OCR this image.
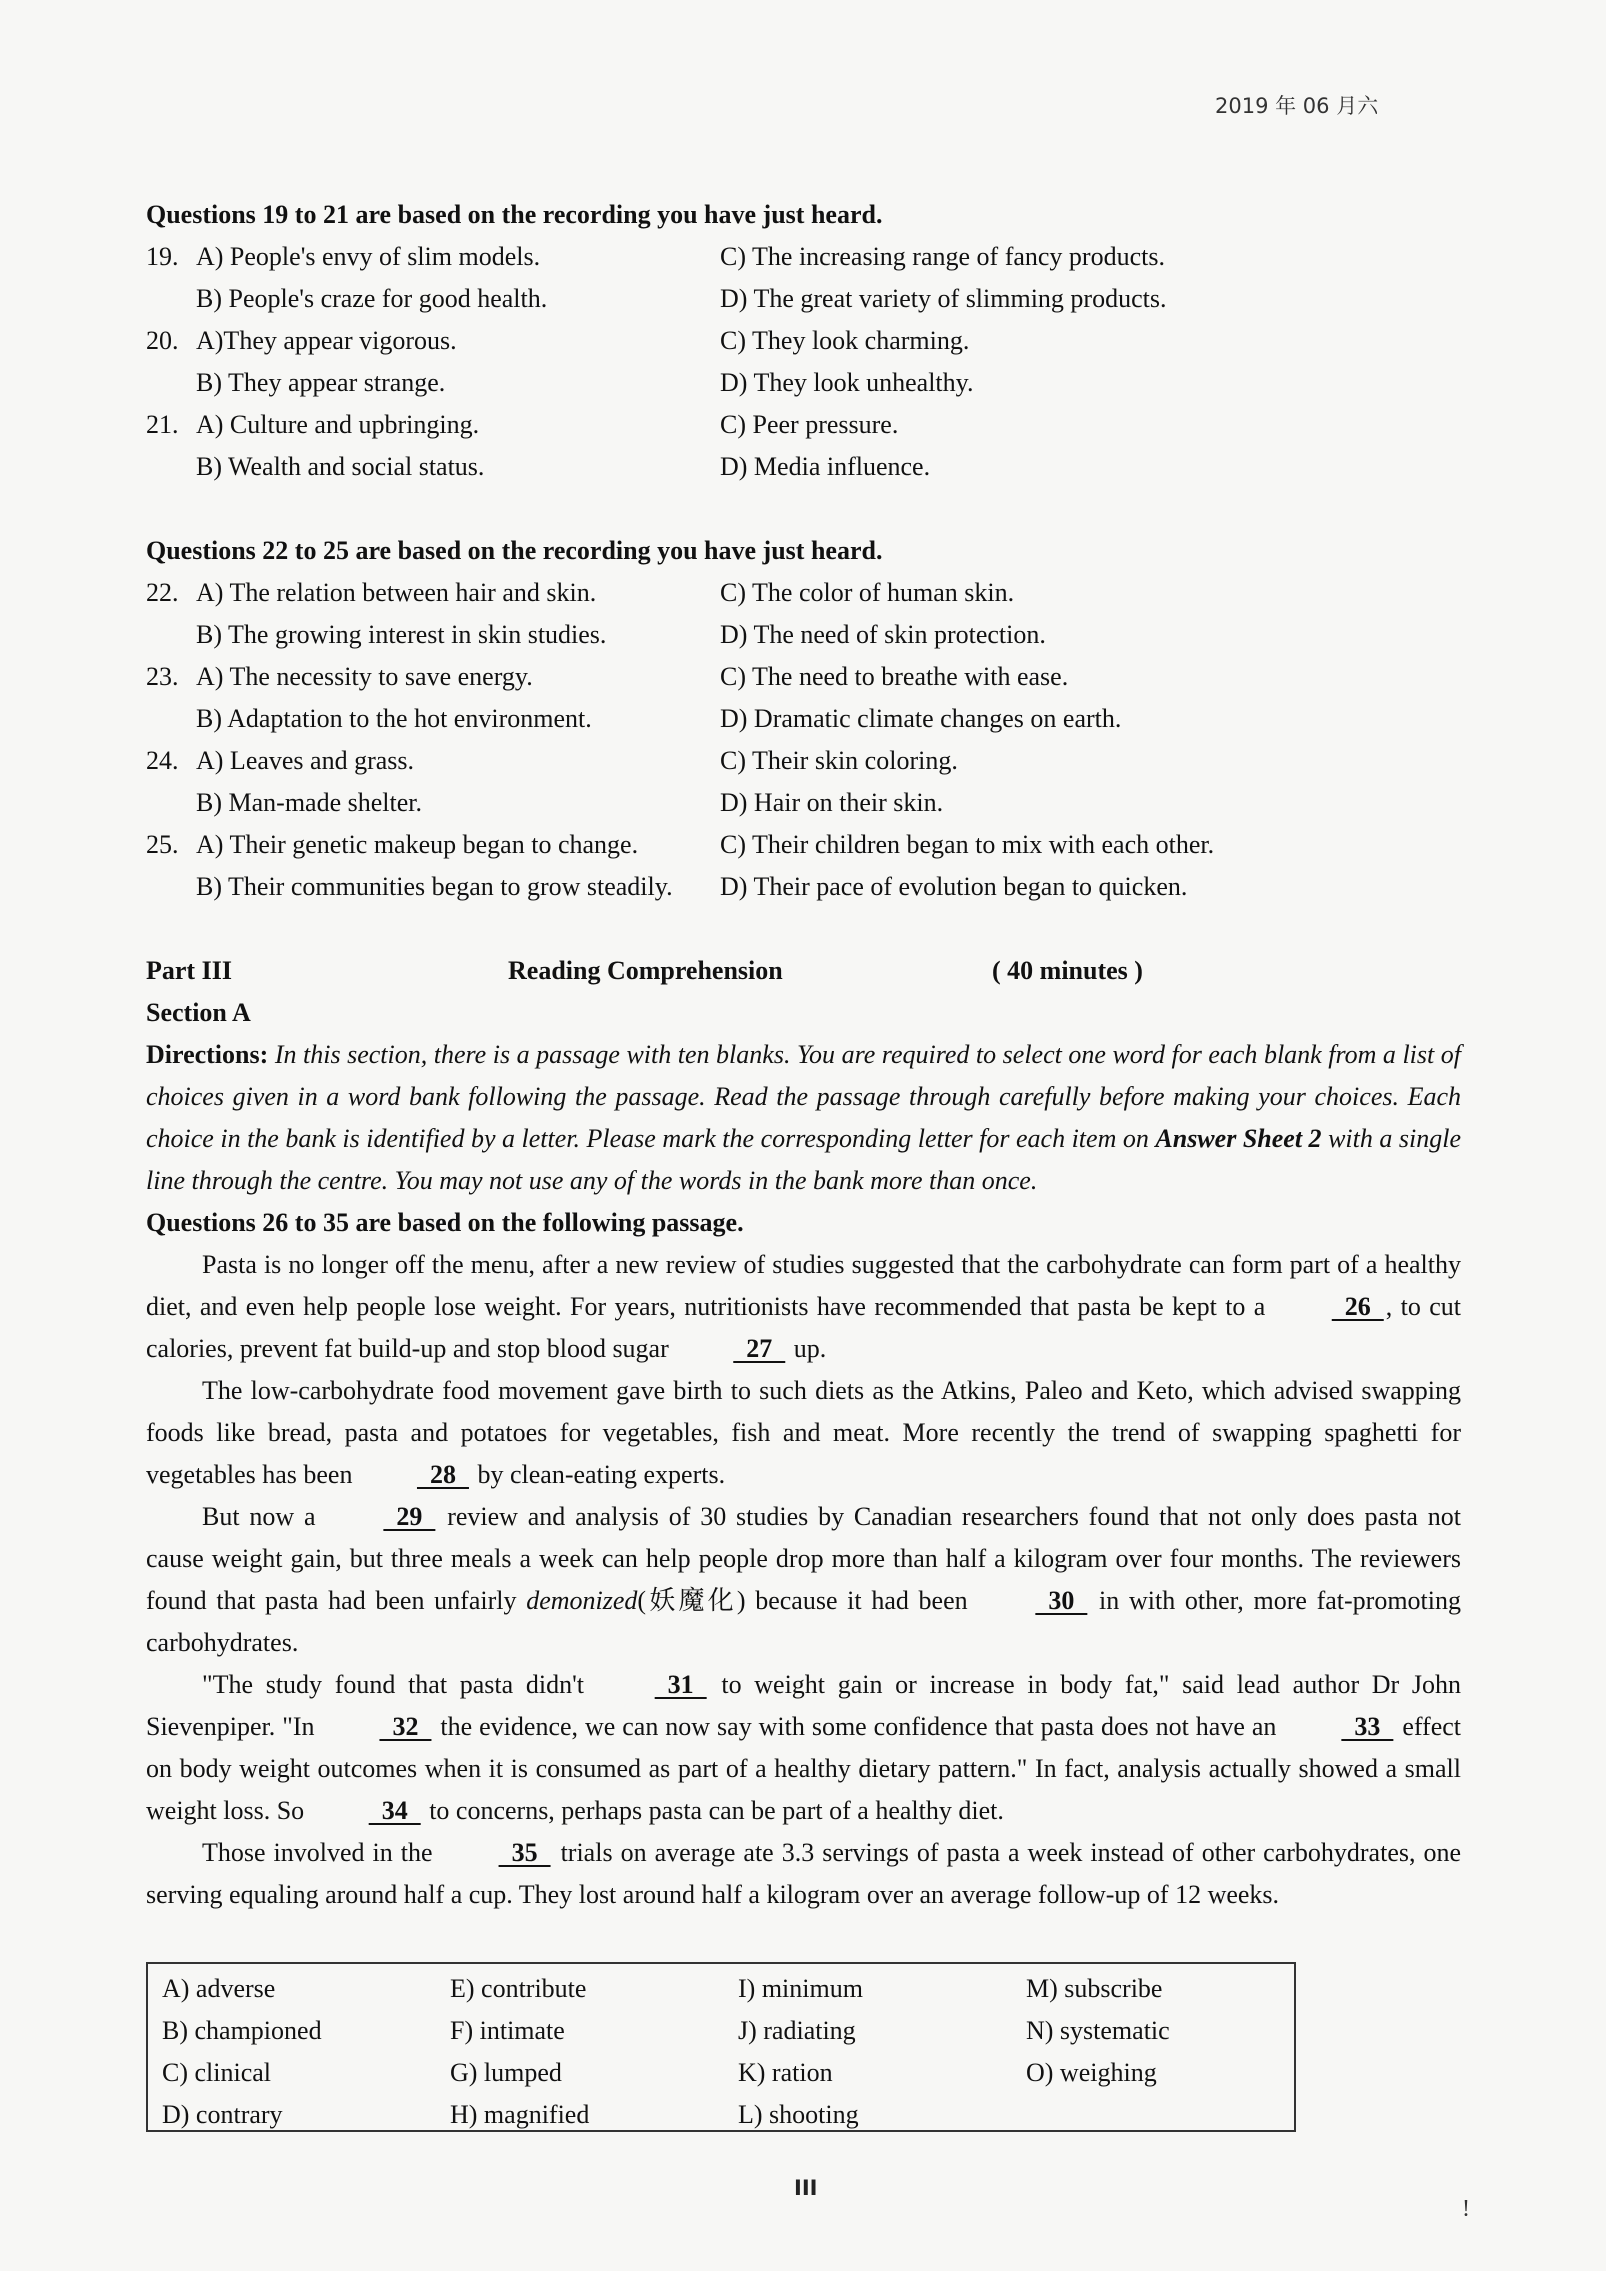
2019 年 06 月六
Questions 19 to 21 are based on the recording you have just heard.
19. A) People's envy of slim models.	C) The increasing range of fancy products.
B) People's craze for good health.	D) The great variety of slimming products.
20. A)They appear vigorous.	C) They look charming.
B) They appear strange.	D) They look unhealthy.
21. A) Culture and upbringing.	C) Peer pressure.
B) Wealth and social status.	D) Media influence.
Questions 22 to 25 are based on the recording you have just heard.
22. A) The relation between hair and skin.	C) The color of human skin.
B) The growing interest in skin studies.	D) The need of skin protection.
23. A) The necessity to save energy.	C) The need to breathe with ease.
B) Adaptation to the hot environment.	D) Dramatic climate changes on earth.
24. A) Leaves and grass.	C) Their skin coloring.
B) Man-made shelter.	D) Hair on their skin.
25. A) Their genetic makeup began to change.	C) Their children began to mix with each other.
B) Their communities began to grow steadily. D) Their pace of evolution began to quicken.
Part III	Reading Comprehension	( 40 minutes )
Section A
Directions: In this section, there is a passage with ten blanks. You are required to select one word for each blank from a list of choices given in a word bank following the passage. Read the passage through carefully before making your choices. Each choice in the bank is identified by a letter. Please mark the corresponding letter for each item on Answer Sheet 2 with a single line through the centre. You may not use any of the words in the bank more than once.
Questions 26 to 35 are based on the following passage.
Pasta is no longer off the menu, after a new review of studies suggested that the carbohydrate can form part of a healthy diet, and even help people lose weight. For years, nutritionists have recommended that pasta be kept to a	26  , to cut calories, prevent fat build-up and stop blood sugar   27   up.
The low-carbohydrate food movement gave birth to such diets as the Atkins, Paleo and Keto, which advised swapping foods like bread, pasta and potatoes for vegetables, fish and meat. More recently the trend of swapping spaghetti for vegetables has been   28   by clean-eating experts.
But now a	29   review and analysis of 30 studies by Canadian researchers found that not only does pasta not cause weight gain, but three meals a week can help people drop more than half a kilogram over four months. The reviewers found that pasta had been unfairly demonized(妖魔化) because it had been	30   in with other, more fat-promoting carbohydrates.
"The study found that pasta didn't	31   to weight gain or increase in body fat," said lead author Dr John Sievenpiper. "In   32   the evidence, we can now say with some confidence that pasta does not have an   33   effect on body weight outcomes when it is consumed as part of a healthy dietary pattern." In fact, analysis actually showed a small weight loss. So   34   to concerns, perhaps pasta can be part of a healthy diet.
Those involved in the	35   trials on average ate 3.3 servings of pasta a week instead of other carbohydrates, one serving equaling around half a cup. They lost around half a kilogram over an average follow-up of 12 weeks.
A) adverse	E) contribute	I) minimum	M) subscribe
B) championed	F) intimate	J) radiating	N) systematic
C) clinical	G) lumped	K) ration	O) weighing
D) contrary	H) magnified	L) shooting
III
!
